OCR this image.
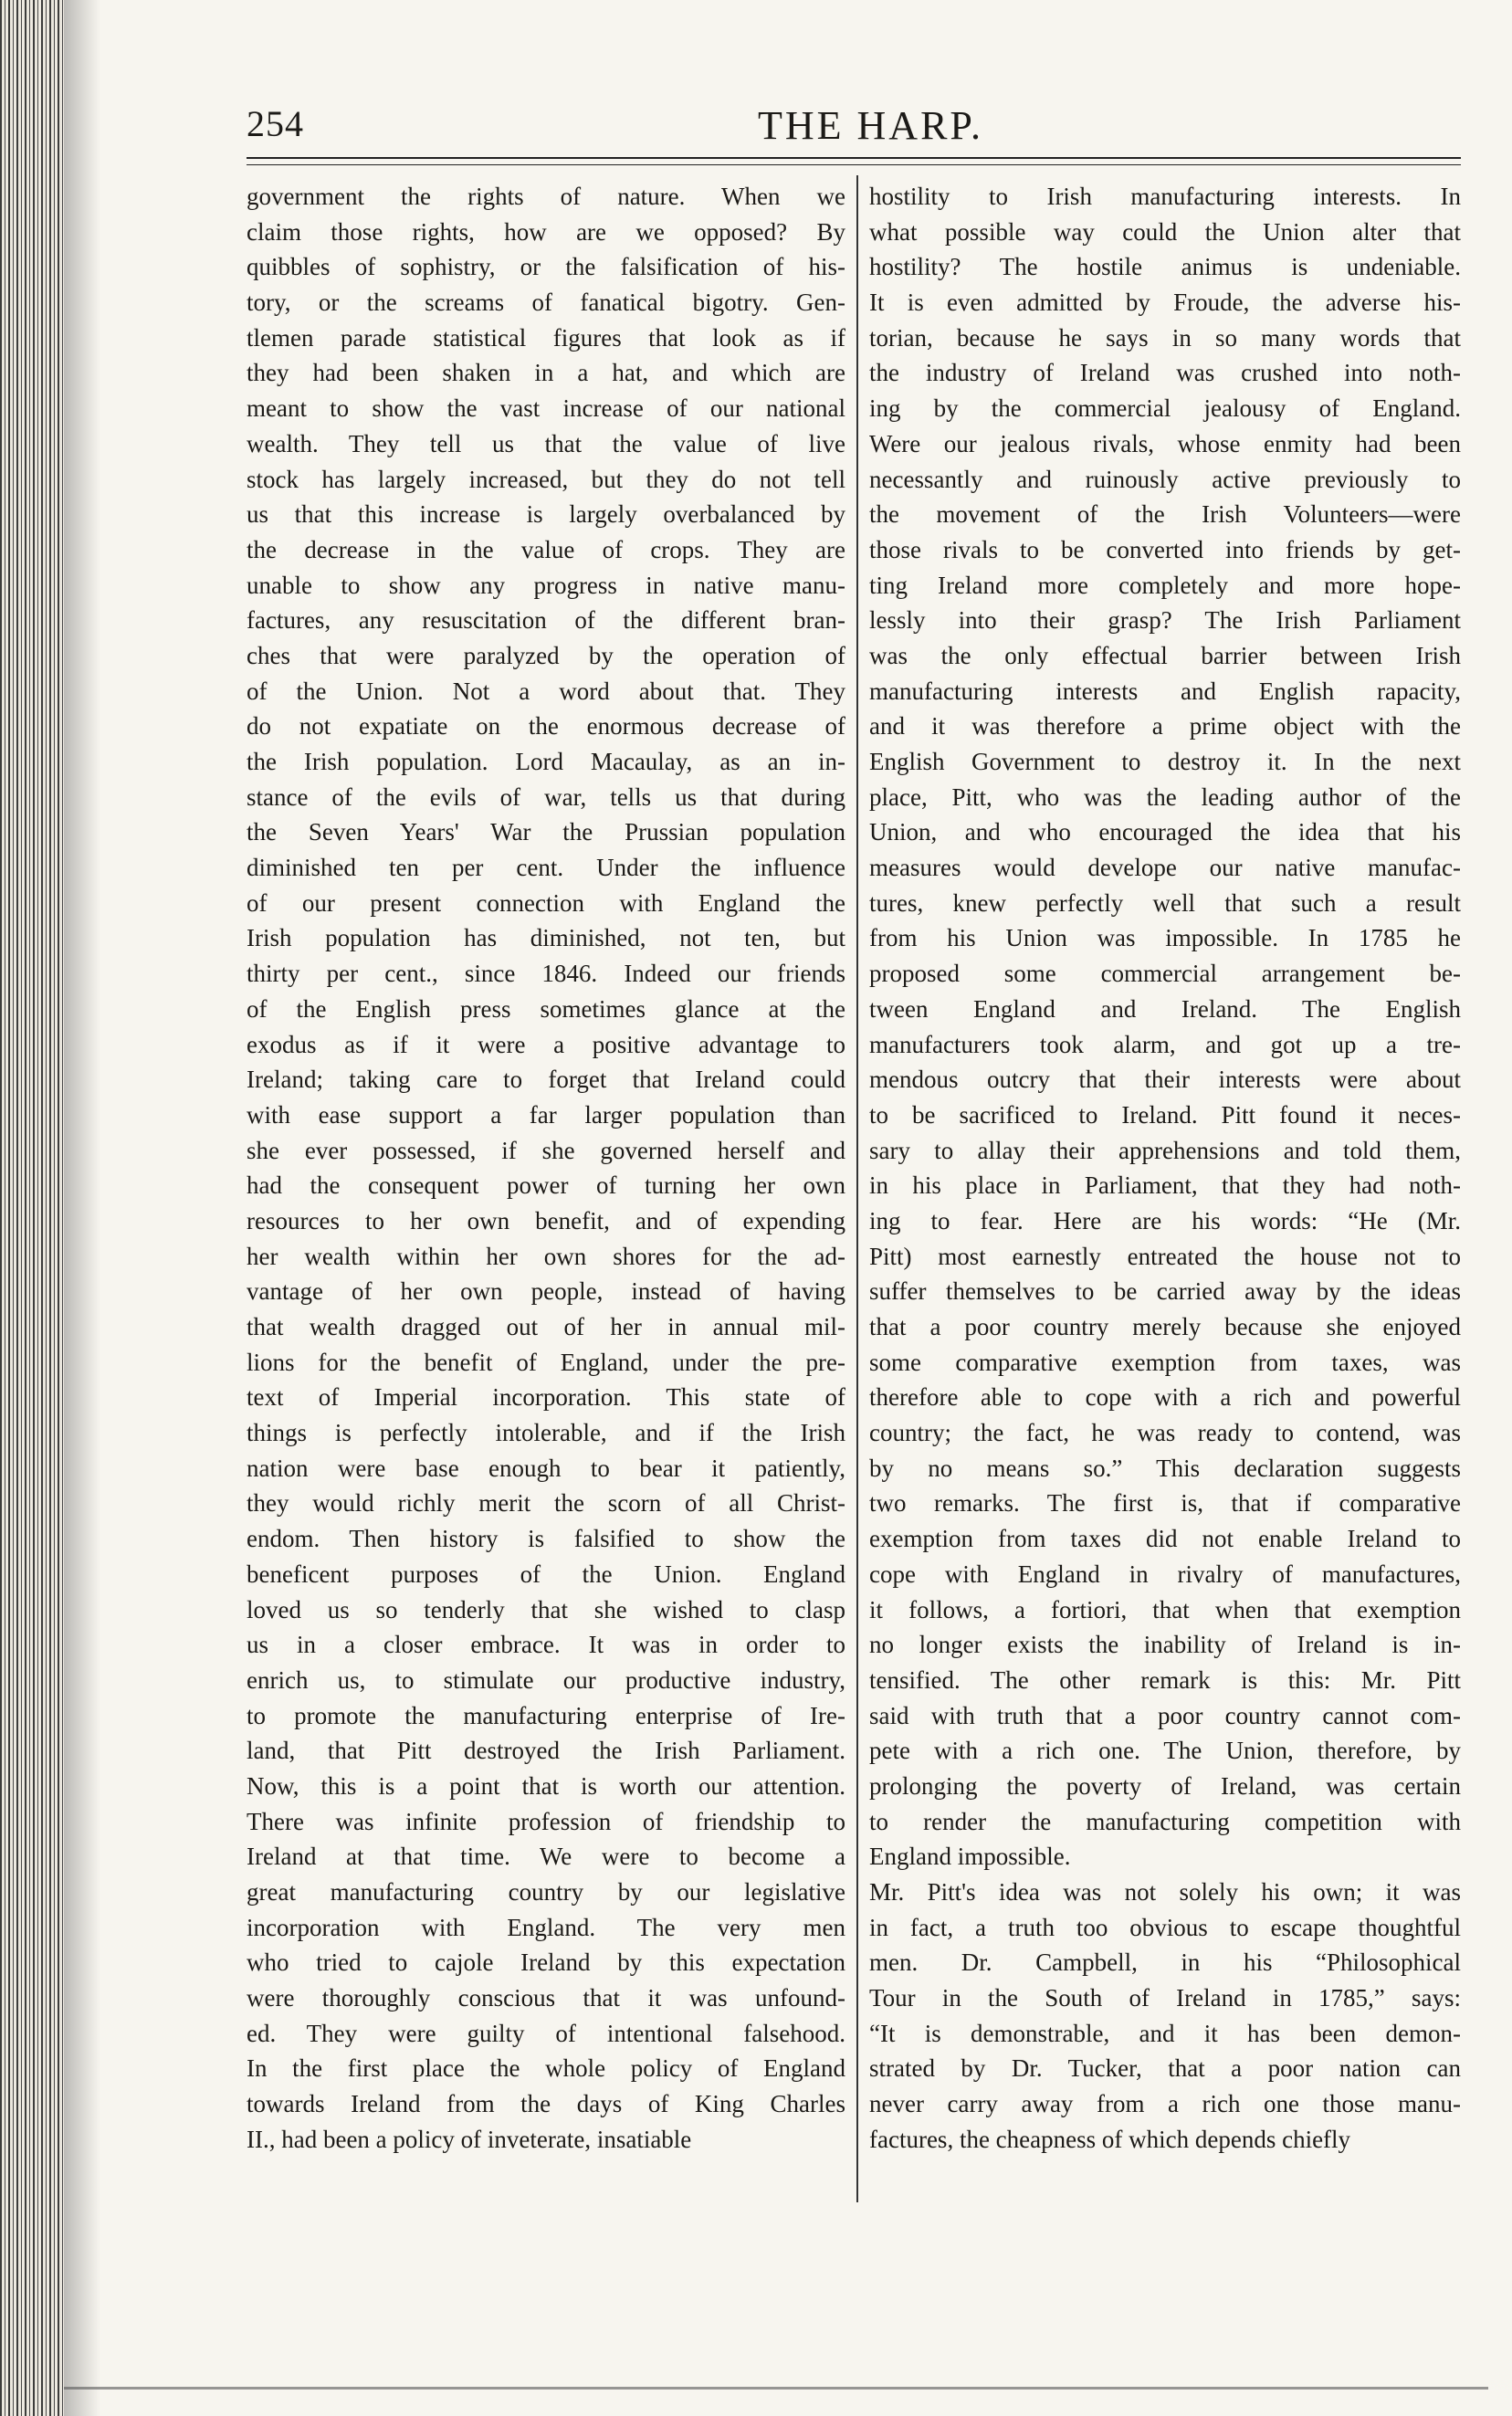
254	THE HARP.
government the rights of nature. When we
claim those rights, how are we opposed? By
quibbles of sophistry, or the falsification of his-
tory, or the screams of fanatical bigotry. Gen-
tlemen parade statistical figures that look as if
they had been shaken in a hat, and which are
meant to show the vast increase of our national
wealth. They tell us that the value of live
stock has largely increased, but they do not tell
us that this increase is largely overbalanced by
the decrease in the value of crops. They are
unable to show any progress in native manu-
factures, any resuscitation of the different bran-
ches that were paralyzed by the operation of
of the Union. Not a word about that. They
do not expatiate on the enormous decrease of
the Irish population. Lord Macaulay, as an in-
stance of the evils of war, tells us that during
the Seven Years' War the Prussian population
diminished ten per cent. Under the influence
of our present connection with England the
Irish population has diminished, not ten, but
thirty per cent., since 1846. Indeed our friends
of the English press sometimes glance at the
exodus as if it were a positive advantage to
Ireland; taking care to forget that Ireland could
with ease support a far larger population than
she ever possessed, if she governed herself and
had the consequent power of turning her own
resources to her own benefit, and of expending
her wealth within her own shores for the ad-
vantage of her own people, instead of having
that wealth dragged out of her in annual mil-
lions for the benefit of England, under the pre-
text of Imperial incorporation. This state of
things is perfectly intolerable, and if the Irish
nation were base enough to bear it patiently,
they would richly merit the scorn of all Christ-
endom. Then history is falsified to show the
beneficent purposes of the Union. England
loved us so tenderly that she wished to clasp
us in a closer embrace. It was in order to
enrich us, to stimulate our productive industry,
to promote the manufacturing enterprise of Ire-
land, that Pitt destroyed the Irish Parliament.
Now, this is a point that is worth our attention.
There was infinite profession of friendship to
Ireland at that time. We were to become a
great manufacturing country by our legislative
incorporation with England. The very men
who tried to cajole Ireland by this expectation
were thoroughly conscious that it was unfound-
ed. They were guilty of intentional falsehood.
In the first place the whole policy of England
towards Ireland from the days of King Charles
II., had been a policy of inveterate, insatiable
hostility to Irish manufacturing interests. In
what possible way could the Union alter that
hostility? The hostile animus is undeniable.
It is even admitted by Froude, the adverse his-
torian, because he says in so many words that
the industry of Ireland was crushed into noth-
ing by the commercial jealousy of England.
Were our jealous rivals, whose enmity had been
necessantly and ruinously active previously to
the movement of the Irish Volunteers—were
those rivals to be converted into friends by get-
ting Ireland more completely and more hope-
lessly into their grasp? The Irish Parliament
was the only effectual barrier between Irish
manufacturing interests and English rapacity,
and it was therefore a prime object with the
English Government to destroy it. In the next
place, Pitt, who was the leading author of the
Union, and who encouraged the idea that his
measures would develope our native manufac-
tures, knew perfectly well that such a result
from his Union was impossible. In 1785 he
proposed some commercial arrangement be-
tween England and Ireland. The English
manufacturers took alarm, and got up a tre-
mendous outcry that their interests were about
to be sacrificed to Ireland. Pitt found it neces-
sary to allay their apprehensions and told them,
in his place in Parliament, that they had noth-
ing to fear. Here are his words: “He (Mr.
Pitt) most earnestly entreated the house not to
suffer themselves to be carried away by the ideas
that a poor country merely because she enjoyed
some comparative exemption from taxes, was
therefore able to cope with a rich and powerful
country; the fact, he was ready to contend, was
by no means so.” This declaration suggests
two remarks. The first is, that if comparative
exemption from taxes did not enable Ireland to
cope with England in rivalry of manufactures,
it follows, a fortiori, that when that exemption
no longer exists the inability of Ireland is in-
tensified. The other remark is this: Mr. Pitt
said with truth that a poor country cannot com-
pete with a rich one. The Union, therefore, by
prolonging the poverty of Ireland, was certain
to render the manufacturing competition with
England impossible.
Mr. Pitt's idea was not solely his own; it was
in fact, a truth too obvious to escape thoughtful
men. Dr. Campbell, in his “Philosophical
Tour in the South of Ireland in 1785,” says:
“It is demonstrable, and it has been demon-
strated by Dr. Tucker, that a poor nation can
never carry away from a rich one those manu-
factures, the cheapness of which depends chiefly
